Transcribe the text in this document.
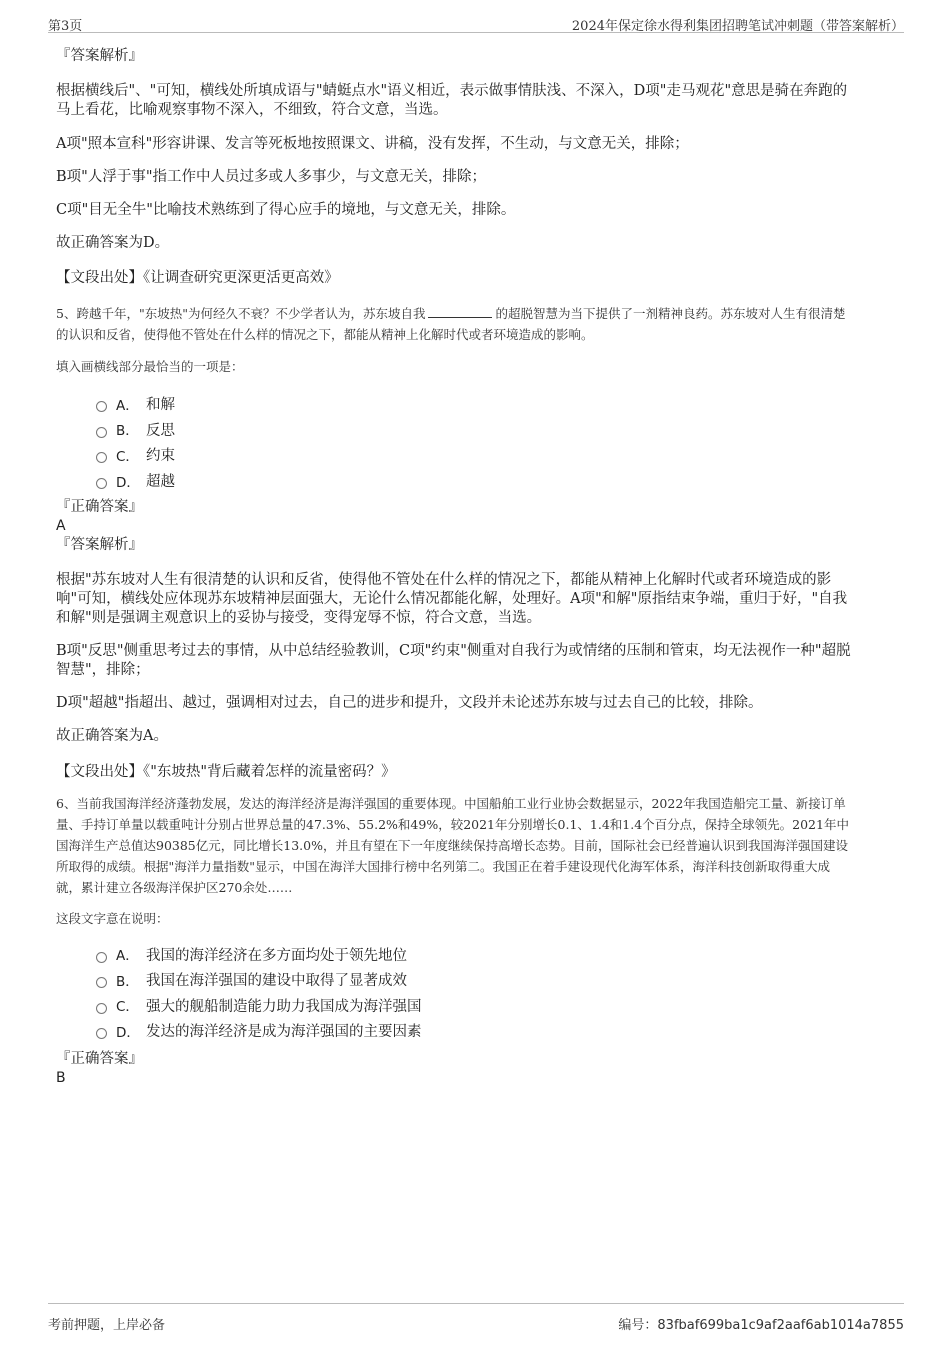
第3页	2024年保定徐水得利集团招聘笔试冲刺题（带答案解析）

『答案解析』

根据横线后"、"可知，横线处所填成语与"蜻蜓点水"语义相近，表示做事情肤浅、不深入，D项"走马观花"意思是骑在奔跑的

马上看花，比喻观察事物不深入，不细致，符合文意，当选。

A项"照本宣科"形容讲课、发言等死板地按照课文、讲稿，没有发挥，不生动，与文意无关，排除；

B项"人浮于事"指工作中人员过多或人多事少，与文意无关，排除；

C项"目无全牛"比喻技术熟练到了得心应手的境地，与文意无关，排除。

故正确答案为D。

【文段出处】《让调查研究更深更活更高效》

5、跨越千年，"东坡热"为何经久不衰？不少学者认为，苏东坡自我	的超脱智慧为当下提供了一剂精神良药。苏东坡对人生有很清楚

的认识和反省，使得他不管处在什么样的情况之下，都能从精神上化解时代或者环境造成的影响。

填入画横线部分最恰当的一项是：

A． 和解
B． 反思
C． 约束
D． 超越

『正确答案』

A

『答案解析』

根据"苏东坡对人生有很清楚的认识和反省，使得他不管处在什么样的情况之下，都能从精神上化解时代或者环境造成的影

响"可知，横线处应体现苏东坡精神层面强大，无论什么情况都能化解，处理好。A项"和解"原指结束争端，重归于好，"自我

和解"则是强调主观意识上的妥协与接受，变得宠辱不惊，符合文意，当选。

B项"反思"侧重思考过去的事情，从中总结经验教训，C项"约束"侧重对自我行为或情绪的压制和管束，均无法视作一种"超脱

智慧"，排除；

D项"超越"指超出、越过，强调相对过去，自己的进步和提升，文段并未论述苏东坡与过去自己的比较，排除。

故正确答案为A。

【文段出处】《"东坡热"背后藏着怎样的流量密码？》

6、当前我国海洋经济蓬勃发展，发达的海洋经济是海洋强国的重要体现。中国船舶工业行业协会数据显示，2022年我国造船完工量、新接订单

量、手持订单量以载重吨计分别占世界总量的47.3%、55.2%和49%，较2021年分别增长0.1、1.4和1.4个百分点，保持全球领先。2021年中

国海洋生产总值达90385亿元，同比增长13.0%，并且有望在下一年度继续保持高增长态势。目前，国际社会已经普遍认识到我国海洋强国建设

所取得的成绩。根据"海洋力量指数"显示，中国在海洋大国排行榜中名列第二。我国正在着手建设现代化海军体系，海洋科技创新取得重大成

就，累计建立各级海洋保护区270余处……

这段文字意在说明：

A． 我国的海洋经济在多方面均处于领先地位
B． 我国在海洋强国的建设中取得了显著成效
C． 强大的舰船制造能力助力我国成为海洋强国
D． 发达的海洋经济是成为海洋强国的主要因素

『正确答案』

B

考前押题，上岸必备	编号：83fbaf699ba1c9af2aaf6ab1014a7855
